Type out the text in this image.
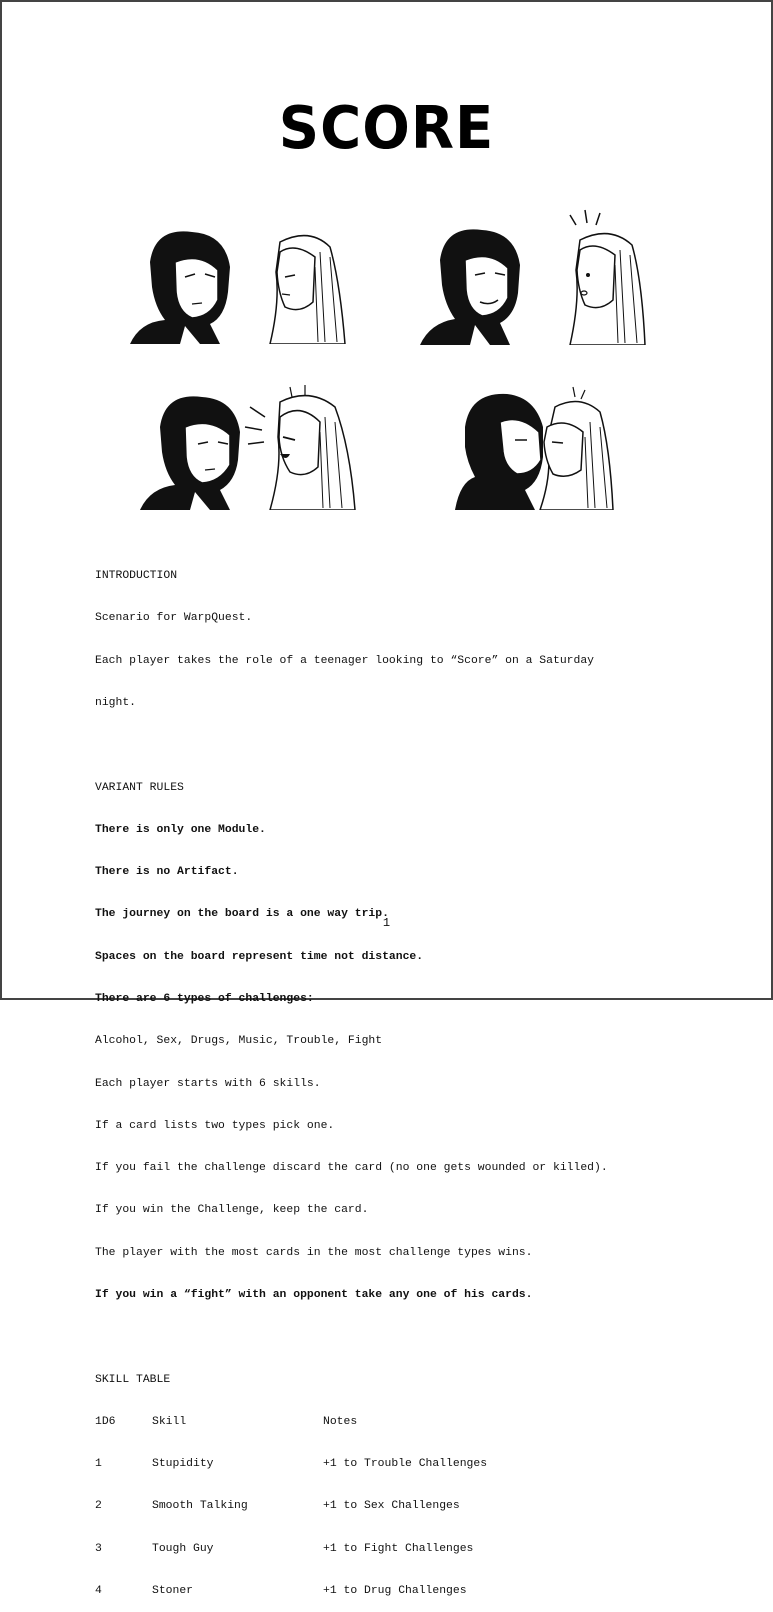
SCORE

INTRODUCTION

Scenario for WarpQuest.

Each player takes the role of a teenager looking to “Score” on a Saturday

night.

VARIANT RULES

There is only one Module.

There is no Artifact.

The journey on the board is a one way trip.

Spaces on the board represent time not distance.

There are 6 types of challenges:

Alcohol, Sex, Drugs, Music, Trouble, Fight

Each player starts with 6 skills.

If a card lists two types pick one.

If you fail the challenge discard the card (no one gets wounded or killed).

If you win the Challenge, keep the card.

The player with the most cards in the most challenge types wins.

If you win a “fight” with an opponent take any one of his cards.

SKILL TABLE

1D6	Skill	Notes

1	Stupidity	+1 to Trouble Challenges

2	Smooth Talking	+1 to Sex Challenges

3	Tough Guy	+1 to Fight Challenges

4	Stoner	+1 to Drug Challenges

1
